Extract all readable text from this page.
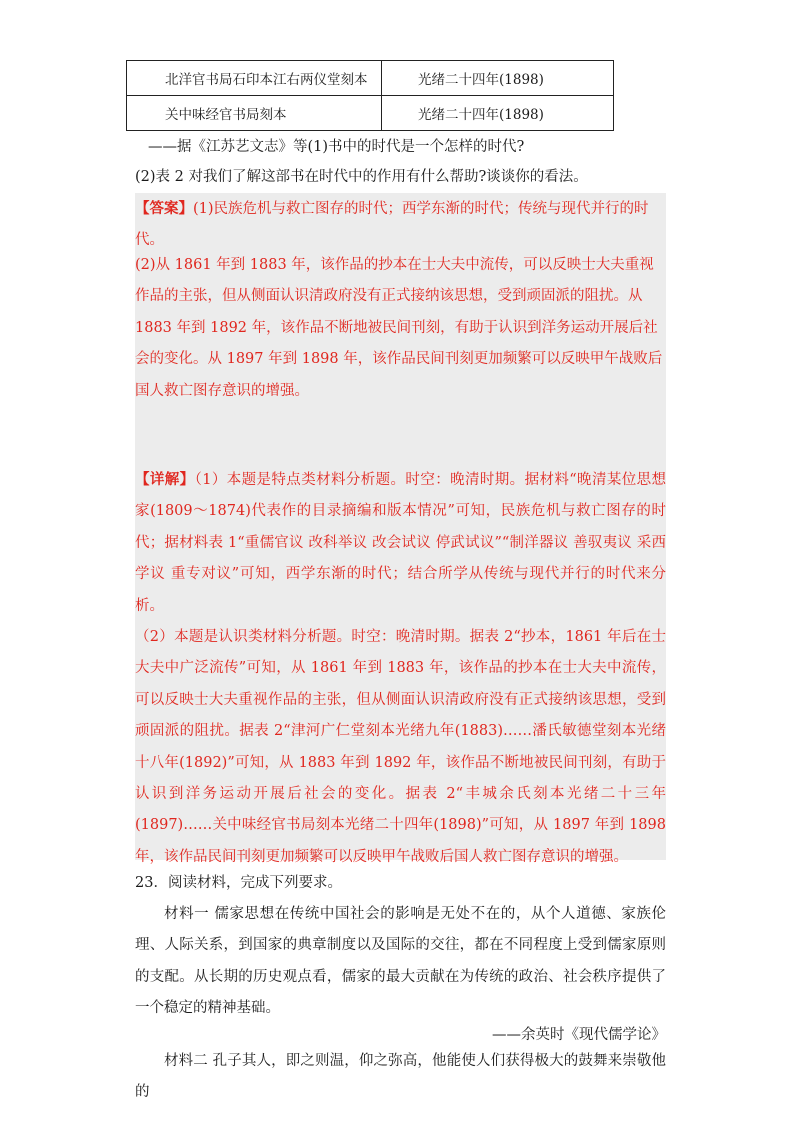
北洋官书局石印本江右两仪堂刻本	光绪二十四年(1898)
关中味经官书局刻本	光绪二十四年(1898)
——据《江苏艺文志》等(1)书中的时代是一个怎样的时代?
(2)表 2 对我们了解这部书在时代中的作用有什么帮助?谈谈你的看法。

【答案】(1)民族危机与救亡图存的时代；西学东渐的时代；传统与现代并行的时代。

(2)从 1861 年到 1883 年，该作品的抄本在士大夫中流传，可以反映士大夫重视作品的主张，但从侧面认识清政府没有正式接纳该思想，受到顽固派的阻扰。从 1883 年到 1892 年，该作品不断地被民间刊刻，有助于认识到洋务运动开展后社会的变化。从 1897 年到 1898 年，该作品民间刊刻更加频繁可以反映甲午战败后国人救亡图存意识的增强。

【详解】（1）本题是特点类材料分析题。时空：晚清时期。据材料“晚清某位思想家(1809～1874)代表作的目录摘编和版本情况”可知，民族危机与救亡图存的时代；据材料表 1“重儒官议 改科举议 改会试议 停武试议”“制洋器议 善驭夷议 采西学议 重专对议”可知，西学东渐的时代；结合所学从传统与现代并行的时代来分析。

（2）本题是认识类材料分析题。时空：晚清时期。据表 2“抄本，1861 年后在士大夫中广泛流传”可知，从 1861 年到 1883 年，该作品的抄本在士大夫中流传，可以反映士大夫重视作品的主张，但从侧面认识清政府没有正式接纳该思想，受到顽固派的阻扰。据表 2“津河广仁堂刻本光绪九年(1883)……潘氏敏德堂刻本光绪十八年(1892)”可知，从 1883 年到 1892 年，该作品不断地被民间刊刻，有助于认识到洋务运动开展后社会的变化。据表 2“丰城余氏刻本光绪二十三年(1897)……关中味经官书局刻本光绪二十四年(1898)”可知，从 1897 年到 1898 年，该作品民间刊刻更加频繁可以反映甲午战败后国人救亡图存意识的增强。

23．阅读材料，完成下列要求。

材料一 儒家思想在传统中国社会的影响是无处不在的，从个人道德、家族伦理、人际关系，到国家的典章制度以及国际的交往，都在不同程度上受到儒家原则的支配。从长期的历史观点看，儒家的最大贡献在为传统的政治、社会秩序提供了一个稳定的精神基础。

——余英时《现代儒学论》

材料二 孔子其人，即之则温，仰之弥高，他能使人们获得极大的鼓舞来崇敬他的
